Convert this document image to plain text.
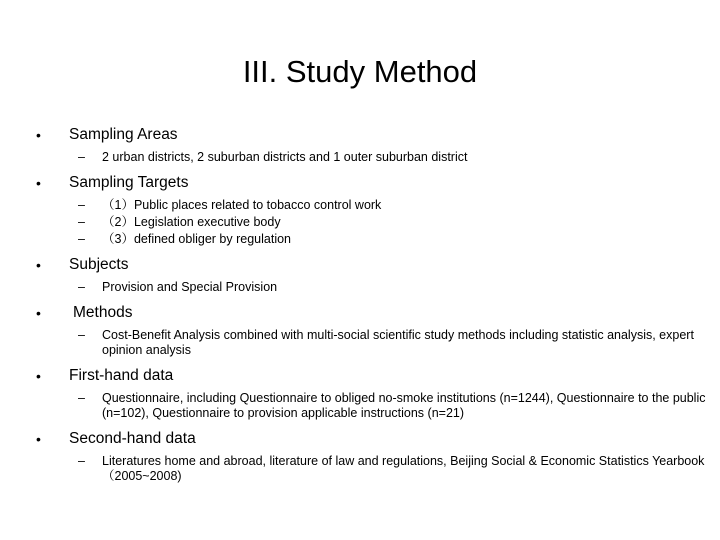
III. Study Method
• Sampling Areas
– 2 urban districts, 2 suburban districts and 1 outer suburban district
• Sampling Targets
– （1）Public places related to tobacco control work
– （2）Legislation executive body
– （3）defined obliger by regulation
• Subjects
– Provision and Special Provision
• Methods
– Cost-Benefit Analysis combined with multi-social scientific study methods including statistic analysis, expert opinion analysis
• First-hand data
– Questionnaire, including Questionnaire to obliged no-smoke institutions (n=1244), Questionnaire to the public (n=102), Questionnaire to provision applicable instructions (n=21)
• Second-hand data
– Literatures home and abroad, literature of law and regulations, Beijing Social & Economic Statistics Yearbook（2005~2008)
